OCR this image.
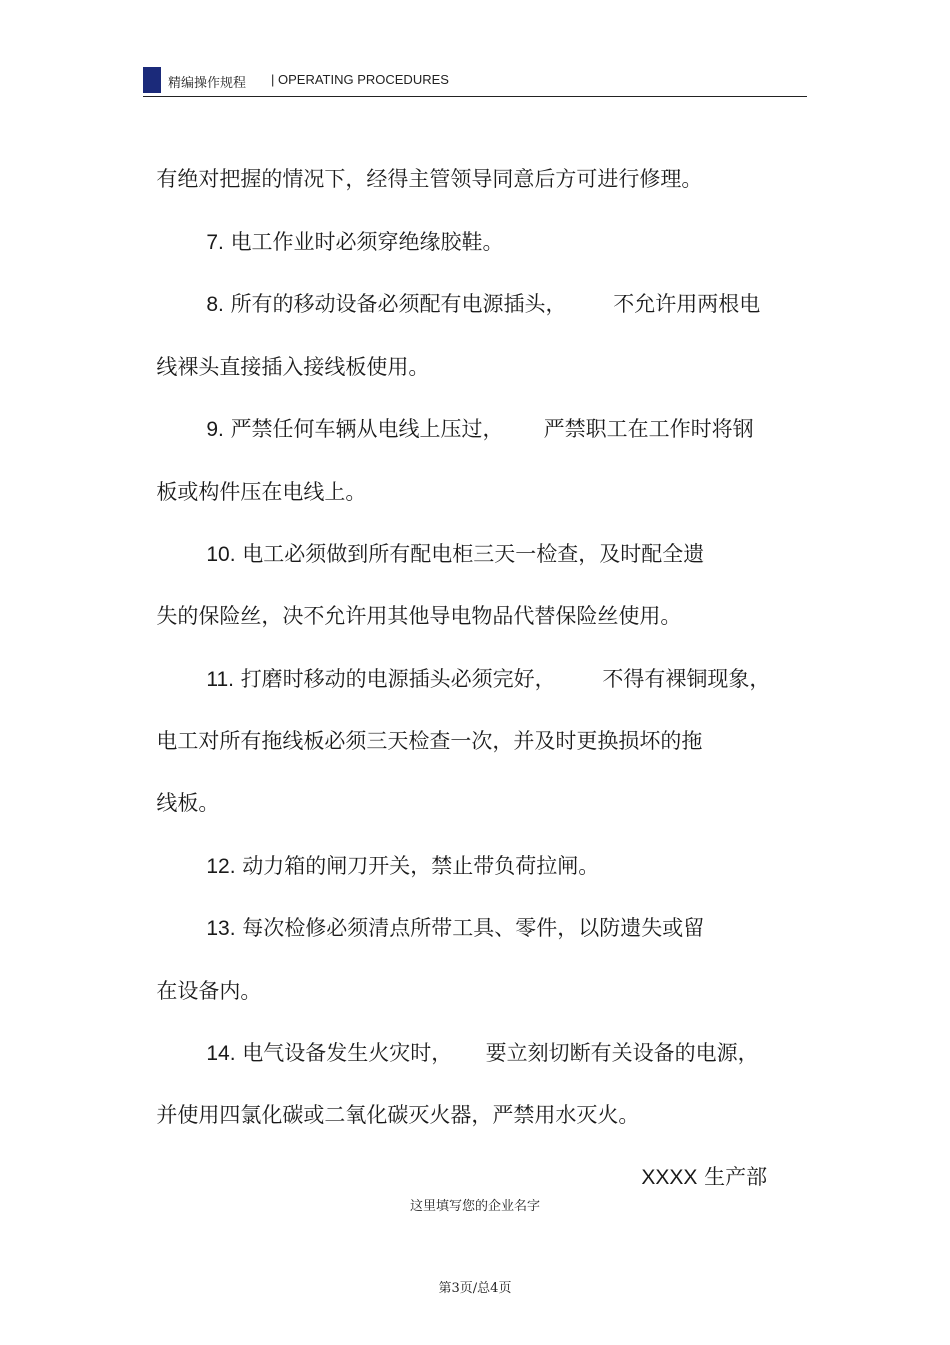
精编操作规程 | OPERATING PROCEDURES

有绝对把握的情况下，经得主管领导同意后方可进行修理。

7. 电工作业时必须穿绝缘胶鞋。

8. 所有的移动设备必须配有电源插头，       不允许用两根电

线裸头直接插入接线板使用。

9. 严禁任何车辆从电线上压过，      严禁职工在工作时将钢

板或构件压在电线上。

10. 电工必须做到所有配电柜三天一检查，及时配全遗

失的保险丝，决不允许用其他导电物品代替保险丝使用。

11. 打磨时移动的电源插头必须完好，       不得有裸铜现象，

电工对所有拖线板必须三天检查一次，并及时更换损坏的拖

线板。

12. 动力箱的闸刀开关，禁止带负荷拉闸。

13. 每次检修必须清点所带工具、零件，以防遗失或留

在设备内。

14. 电气设备发生火灾时，     要立刻切断有关设备的电源，

并使用四氯化碳或二氧化碳灭火器，严禁用水灭火。

XXXX 生产部

这里填写您的企业名字
第3页/总4页
